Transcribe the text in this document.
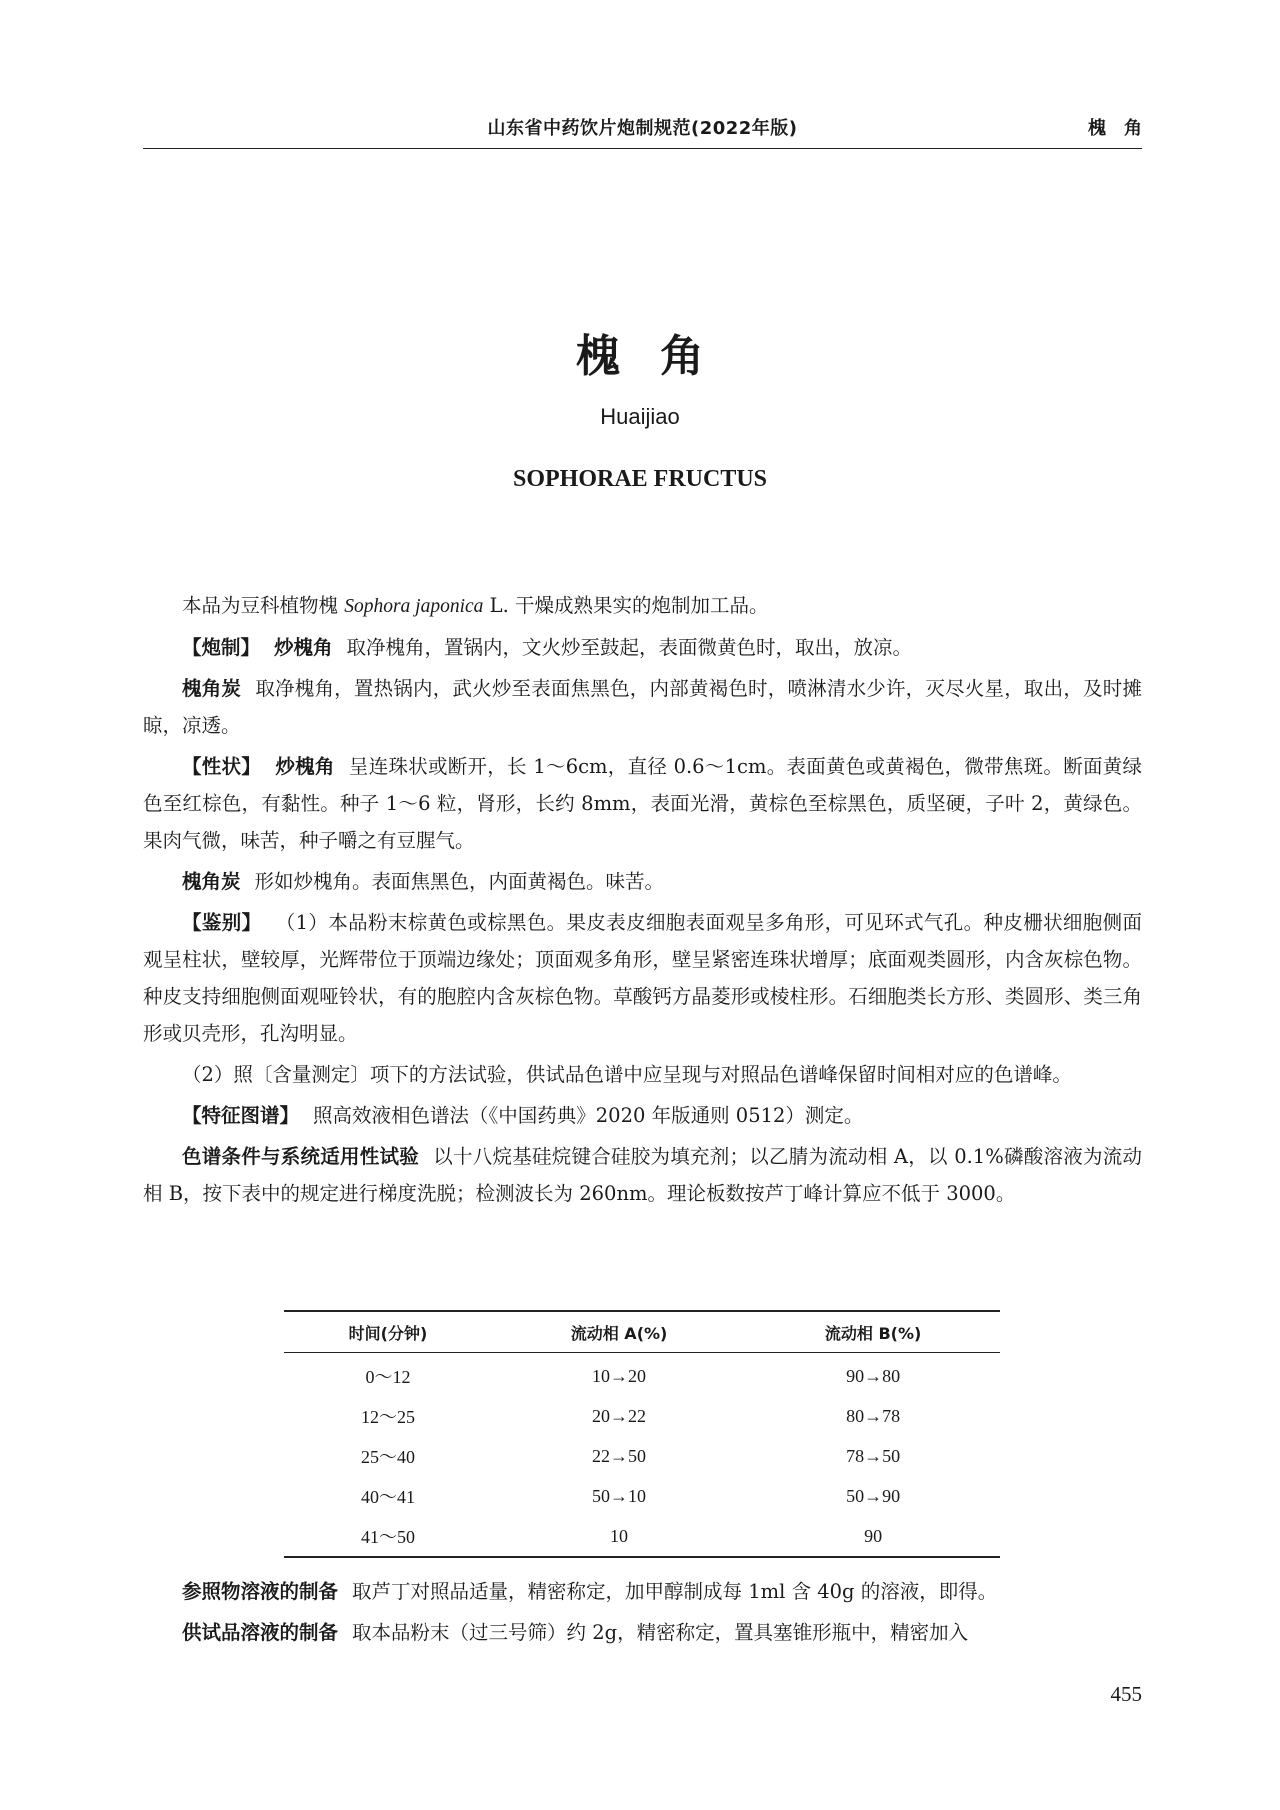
山东省中药饮片炮制规范(2022年版)	槐角
槐角
Huaijiao
SOPHORAE FRUCTUS

本品为豆科植物槐 Sophora japonica L. 干燥成熟果实的炮制加工品。

【炮制】 炒槐角 取净槐角，置锅内，文火炒至鼓起，表面微黄色时，取出，放凉。

槐角炭 取净槐角，置热锅内，武火炒至表面焦黑色，内部黄褐色时，喷淋清水少许，灭尽火星，取出，及时摊晾，凉透。

【性状】 炒槐角 呈连珠状或断开，长 1～6cm，直径 0.6～1cm。表面黄色或黄褐色，微带焦斑。断面黄绿色至红棕色，有黏性。种子 1～6 粒，肾形，长约 8mm，表面光滑，黄棕色至棕黑色，质坚硬，子叶 2，黄绿色。果肉气微，味苦，种子嚼之有豆腥气。

槐角炭 形如炒槐角。表面焦黑色，内面黄褐色。味苦。

【鉴别】 （1）本品粉末棕黄色或棕黑色。果皮表皮细胞表面观呈多角形，可见环式气孔。种皮栅状细胞侧面观呈柱状，壁较厚，光辉带位于顶端边缘处；顶面观多角形，壁呈紧密连珠状增厚；底面观类圆形，内含灰棕色物。种皮支持细胞侧面观哑铃状，有的胞腔内含灰棕色物。草酸钙方晶菱形或棱柱形。石细胞类长方形、类圆形、类三角形或贝壳形，孔沟明显。

（2）照〔含量测定〕项下的方法试验，供试品色谱中应呈现与对照品色谱峰保留时间相对应的色谱峰。

【特征图谱】 照高效液相色谱法（《中国药典》2020 年版通则 0512）测定。

色谱条件与系统适用性试验 以十八烷基硅烷键合硅胶为填充剂；以乙腈为流动相 A，以 0.1%磷酸溶液为流动相 B，按下表中的规定进行梯度洗脱；检测波长为 260nm。理论板数按芦丁峰计算应不低于 3000。

时间(分钟)	流动相 A(%)	流动相 B(%)
0～12	10→20	90→80
12～25	20→22	80→78
25～40	22→50	78→50
40～41	50→10	50→90
41～50	10	90

参照物溶液的制备 取芦丁对照品适量，精密称定，加甲醇制成每 1ml 含 40g 的溶液，即得。

供试品溶液的制备 取本品粉末（过三号筛）约 2g，精密称定，置具塞锥形瓶中，精密加入

455
